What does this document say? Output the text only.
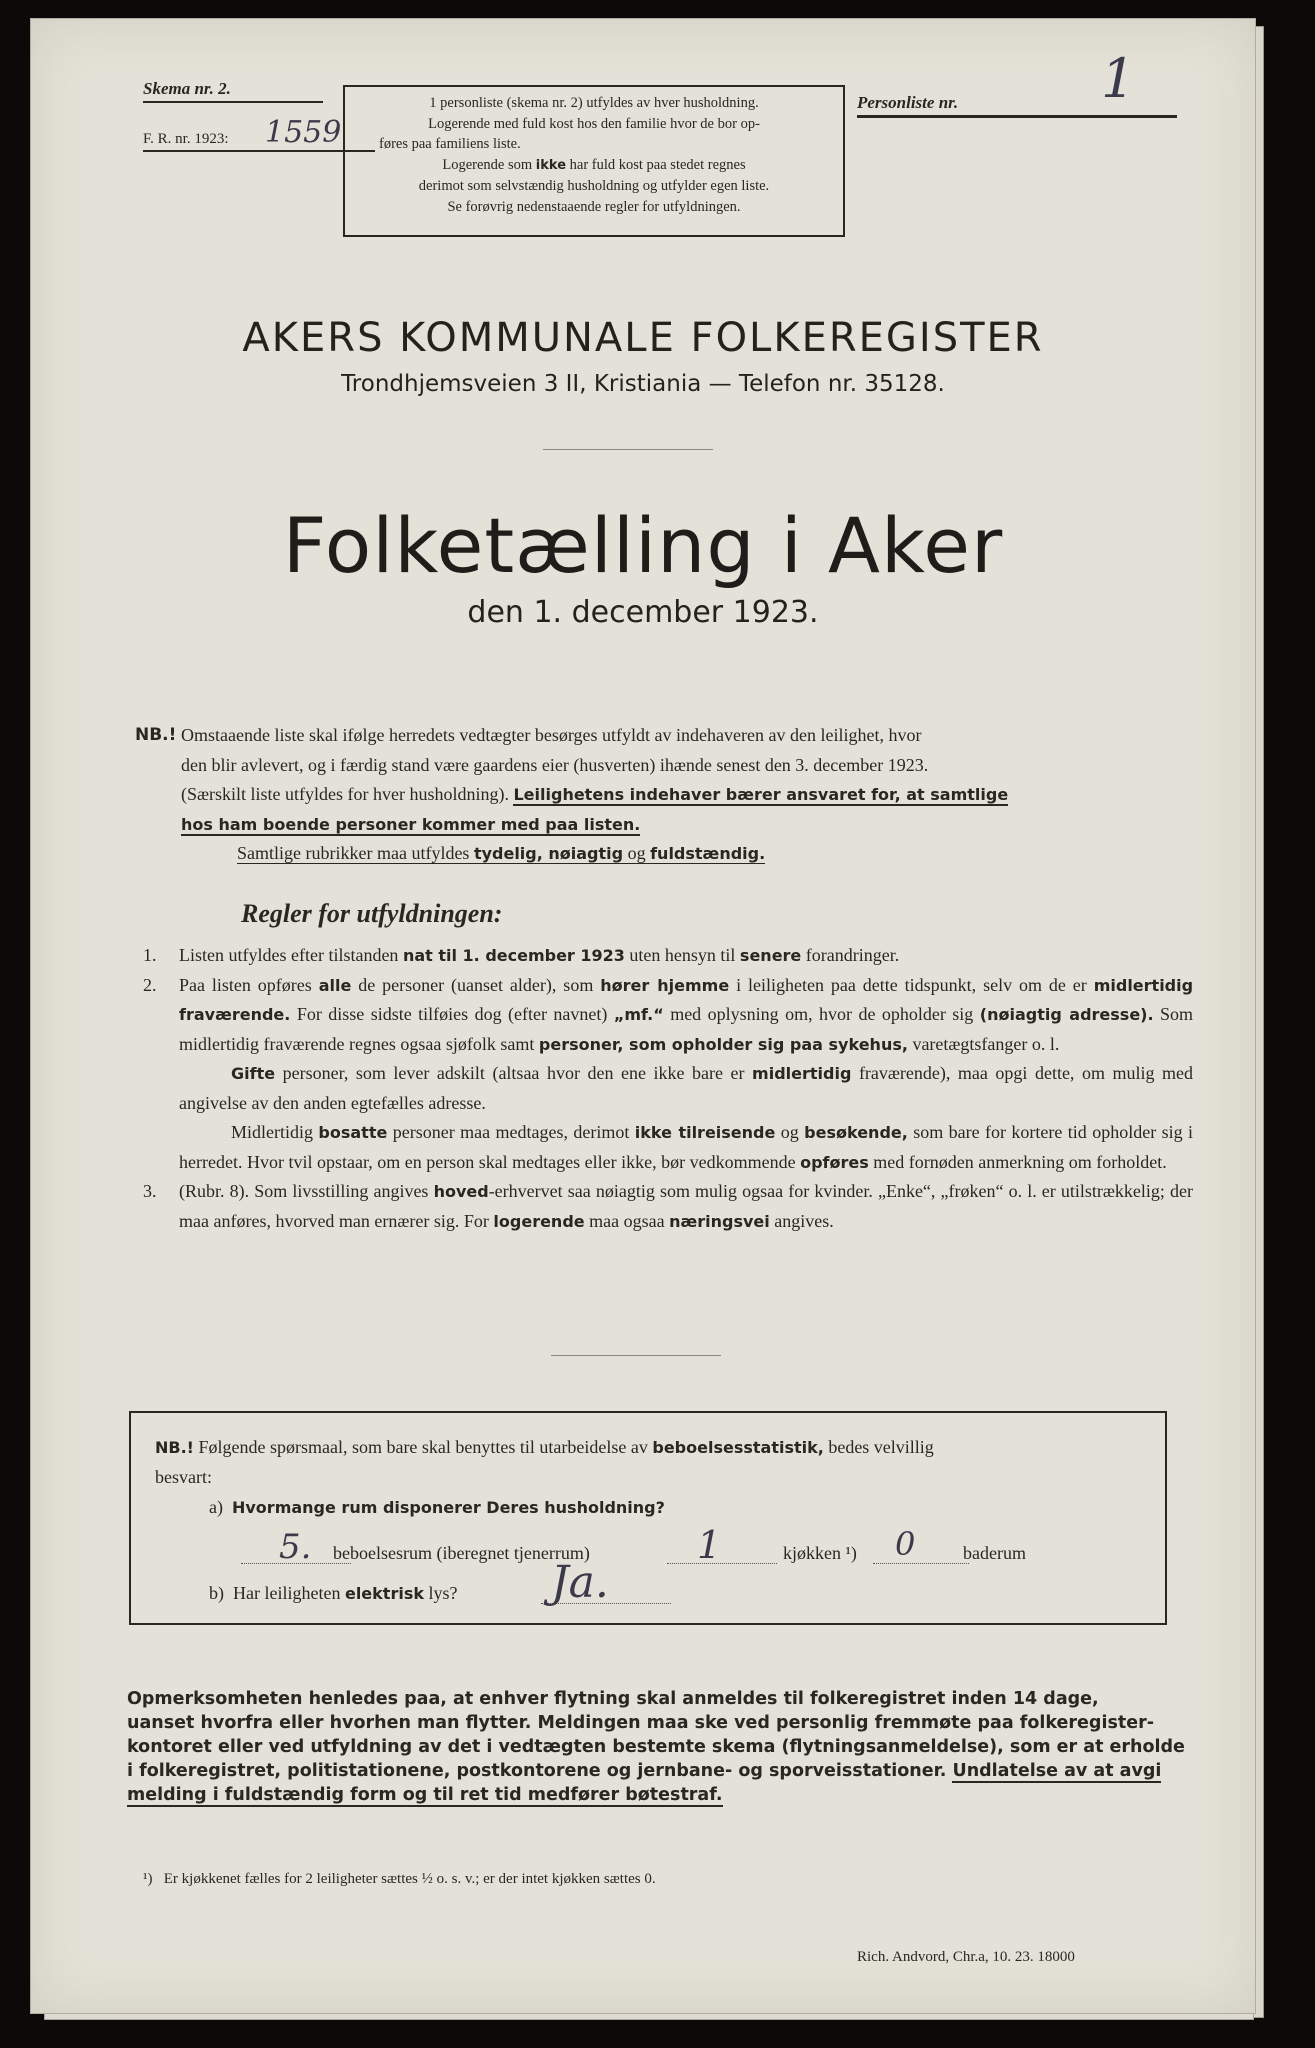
Skema nr. 2.
F. R. nr. 1923: 1559

1 personliste (skema nr. 2) utfyldes av hver husholdning.

Logerende med fuld kost hos den familie hvor de bor op-

føres paa familiens liste.

Logerende som ikke har fuld kost paa stedet regnes

derimot som selvstændig husholdning og utfylder egen liste.

Se forøvrig nedenstaaende regler for utfyldningen.

Personliste nr.	1
AKERS KOMMUNALE FOLKEREGISTER
Trondhjemsveien 3 II, Kristiania — Telefon nr. 35128.
Folketælling i Aker
den 1. december 1923.
NB.! Omstaaende liste skal ifølge herredets vedtægter besørges utfyldt av indehaveren av den leilighet, hvor

den blir avlevert, og i færdig stand være gaardens eier (husverten) ihænde senest den 3. december 1923.

(Særskilt liste utfyldes for hver husholdning). Leilighetens indehaver bærer ansvaret for, at samtlige

hos ham boende personer kommer med paa listen.

Samtlige rubrikker maa utfyldes tydelig, nøiagtig og fuldstændig.

Regler for utfyldningen:
1. Listen utfyldes efter tilstanden nat til 1. december 1923 uten hensyn til senere forandringer.
2. Paa listen opføres alle de personer (uanset alder), som hører hjemme i leiligheten paa dette tidspunkt, selv om de er midlertidig fraværende. For disse sidste tilføies dog (efter navnet) „mf.“ med oplysning om, hvor de opholder sig (nøiagtig adresse). Som midlertidig fraværende regnes ogsaa sjøfolk samt personer, som opholder sig paa sykehus, varetægtsfanger o. l.
Gifte personer, som lever adskilt (altsaa hvor den ene ikke bare er midlertidig fraværende), maa opgi dette, om mulig med angivelse av den anden egtefælles adresse.
Midlertidig bosatte personer maa medtages, derimot ikke tilreisende og besøkende, som bare for kortere tid opholder sig i herredet. Hvor tvil opstaar, om en person skal medtages eller ikke, bør vedkommende opføres med fornøden anmerkning om forholdet.
3. (Rubr. 8). Som livsstilling angives hoved-erhvervet saa nøiagtig som mulig ogsaa for kvinder. „Enke“, „frøken“ o. l. er utilstrækkelig; der maa anføres, hvorved man ernærer sig. For logerende maa ogsaa næringsvei angives.
NB.! Følgende spørsmaal, som bare skal benyttes til utarbeidelse av beboelsesstatistik, bedes velvillig
besvart:
a) Hvormange rum disponerer Deres husholdning?
5. beboelsesrum (iberegnet tjenerrum)	1	kjøkken ¹) 0	baderum
b) Har leiligheten elektrisk lys?	Ja.

Opmerksomheten henledes paa, at enhver flytning skal anmeldes til folkeregistret inden 14 dage,

uanset hvorfra eller hvorhen man flytter. Meldingen maa ske ved personlig fremmøte paa folkeregister-

kontoret eller ved utfyldning av det i vedtægten bestemte skema (flytningsanmeldelse), som er at erholde

i folkeregistret, politistationene, postkontorene og jernbane- og sporveisstationer. Undlatelse av at avgi

melding i fuldstændig form og til ret tid medfører bøtestraf.

¹) Er kjøkkenet fælles for 2 leiligheter sættes ½ o. s. v.; er der intet kjøkken sættes 0.
Rich. Andvord, Chr.a, 10. 23. 18000
